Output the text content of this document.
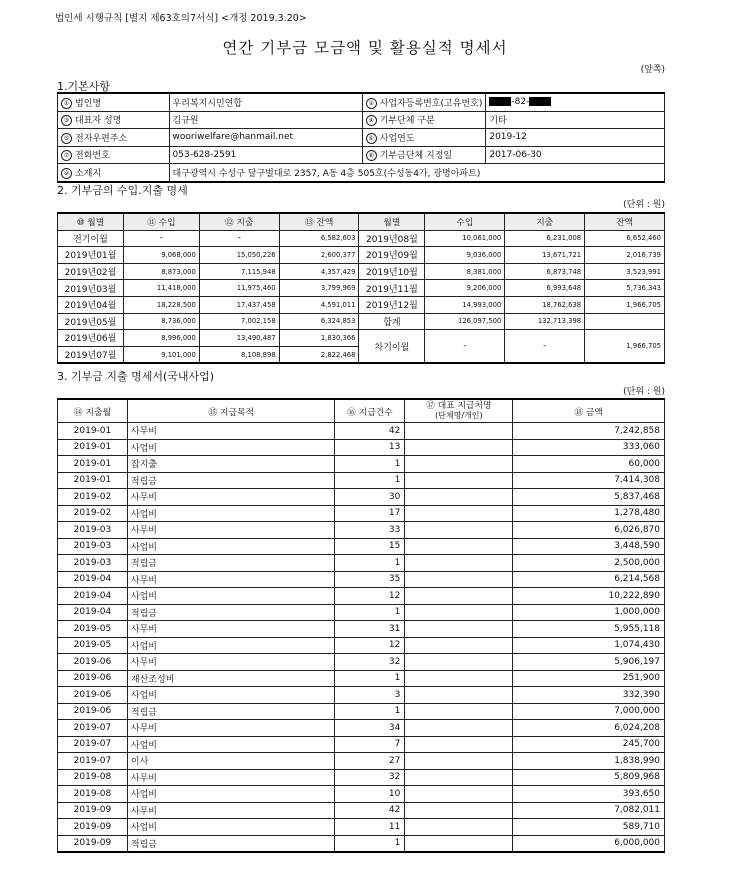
법인세 시행규칙 [별지 제63호의7서식] <개정 2019.3.20>
연간 기부금 모금액 및 활용실적 명세서
(앞쪽)
1.기본사항
① 법인명	우리복지시민연합	② 사업자등록번호(고유번호)	-82-
③ 대표자 성명	김규원	④ 기부단체 구분	기타
⑤ 전자우편주소	wooriwelfare@hanmail.net	⑥ 사업연도	2019-12
⑦ 전화번호	053-628-2591	⑧ 기부금단체 지정일	2017-06-30
⑨ 소재지	대구광역시 수성구 달구벌대로 2357, A동 4층 505호(수성동4가, 광명아파트)		
2. 기부금의 수입.지출 명세
(단위 : 원)
⑩ 월별	⑪ 수입	⑫ 지출	⑬ 잔액	월별	수입	지출	잔액
전기이월	-	-	6,582,603	2019년08월	10,061,000	6,231,008	6,652,460
2019년01월	9,068,000	15,050,226	2,600,377	2019년09월	9,036,000	13,671,721	2,016,739
2019년02월	8,873,000	7,115,948	4,357,429	2019년10월	8,381,000	6,873,748	3,523,991
2019년03월	11,418,000	11,975,460	3,799,969	2019년11월	9,206,000	6,993,648	5,736,343
2019년04월	18,228,500	17,437,458	4,591,011	2019년12월	14,993,000	18,762,638	1,966,705
2019년05월	8,736,000	7,002,158	6,324,853	합계	126,097,500	132,713,398	
2019년06월	8,996,000	13,490,487	1,830,366	차기이월	-	-	1,966,705
2019년07월	9,101,000	8,108,898	2,822,468				
3. 기부금 지출 명세서(국내사업)
(단위 : 원)
⑭ 지출월	⑮ 지급목적	⑯ 지급건수	⑰ 대표 지급처명
(단체명/개인)	⑱ 금액
2019-01	사무비	42		7,242,858
2019-01	사업비	13		333,060
2019-01	잡지출	1		60,000
2019-01	적립금	1		7,414,308
2019-02	사무비	30		5,837,468
2019-02	사업비	17		1,278,480
2019-03	사무비	33		6,026,870
2019-03	사업비	15		3,448,590
2019-03	적립금	1		2,500,000
2019-04	사무비	35		6,214,568
2019-04	사업비	12		10,222,890
2019-04	적립금	1		1,000,000
2019-05	사무비	31		5,955,118
2019-05	사업비	12		1,074,430
2019-06	사무비	32		5,906,197
2019-06	재산조성비	1		251,900
2019-06	사업비	3		332,390
2019-06	적립금	1		7,000,000
2019-07	사무비	34		6,024,208
2019-07	사업비	7		245,700
2019-07	이사	27		1,838,990
2019-08	사무비	32		5,809,968
2019-08	사업비	10		393,650
2019-09	사무비	42		7,082,011
2019-09	사업비	11		589,710
2019-09	적립금	1		6,000,000
